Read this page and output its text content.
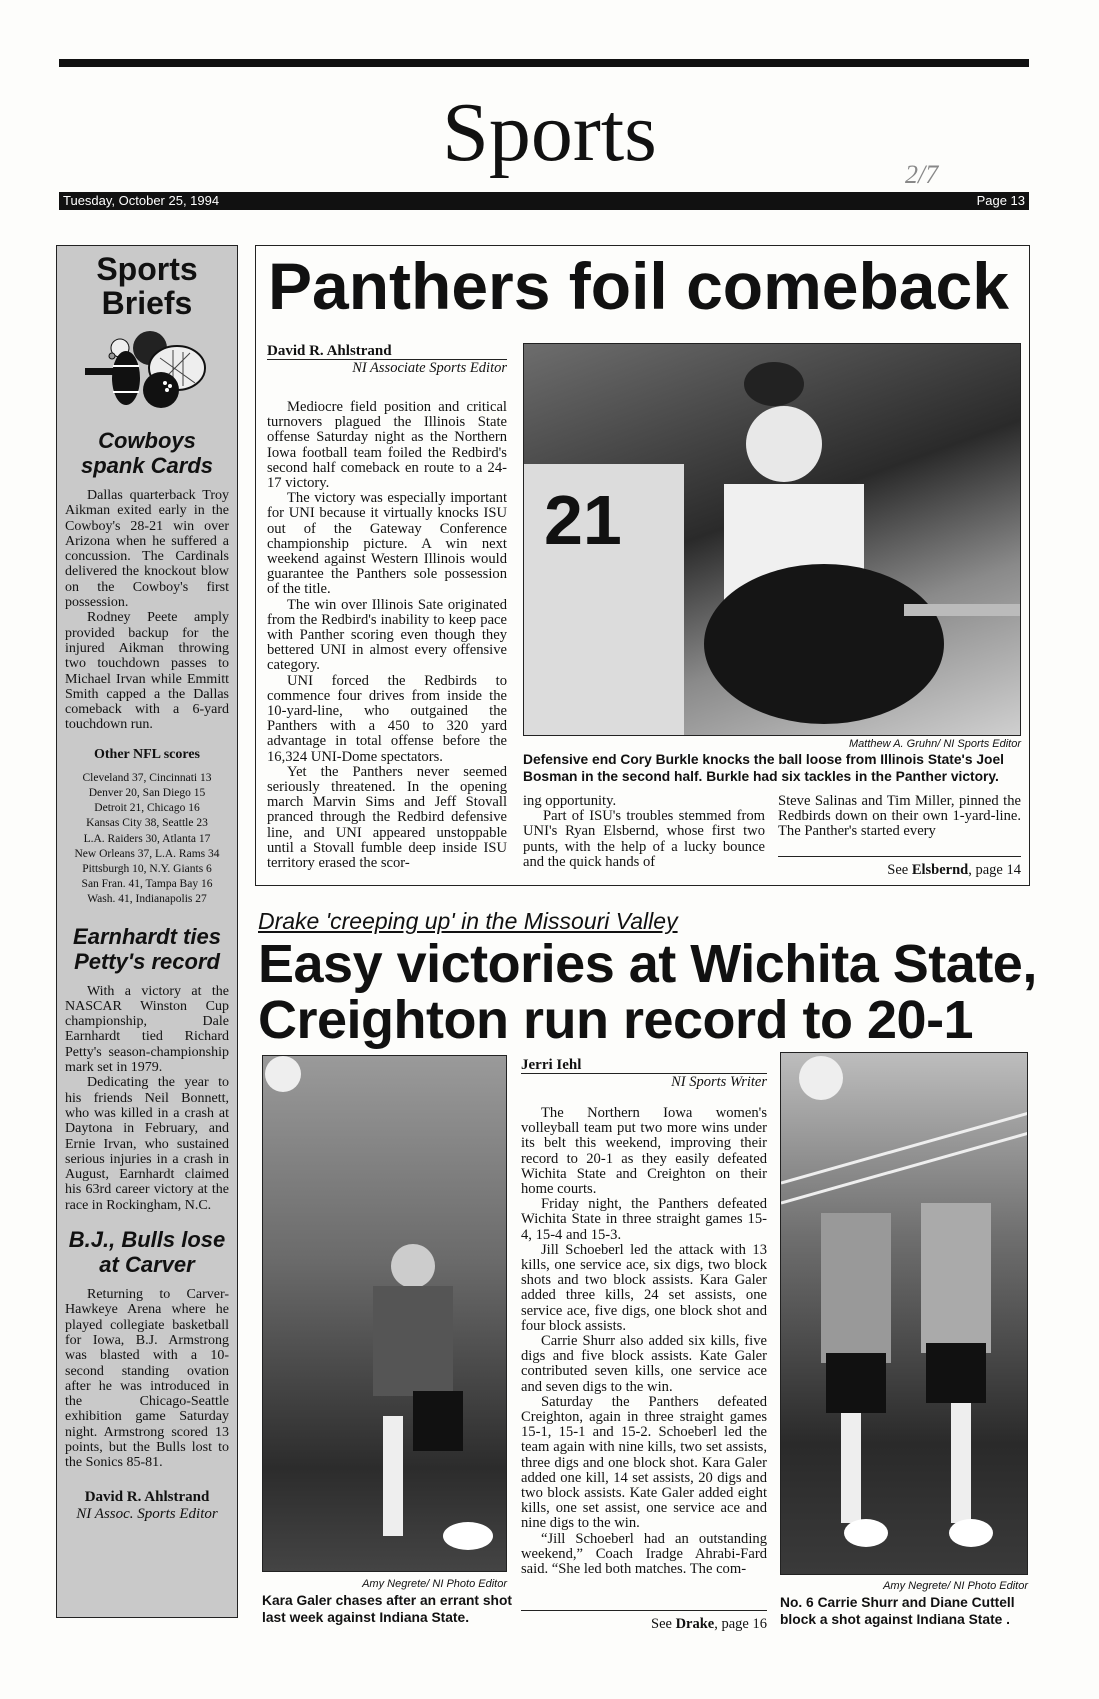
Sports	2/7
Tuesday, October 25, 1994	Page 13
Sports
Briefs
Cowboys spank Cards

Dallas quarterback Troy Aikman exited early in the Cowboy's 28-21 win over Arizona when he suffered a concussion. The Cardinals delivered the knockout blow on the Cowboy's first possession.

Rodney Peete amply provided backup for the injured Aikman throwing two touchdown passes to Michael Irvan while Emmitt Smith capped a the Dallas comeback with a 6-yard touchdown run.

Other NFL scores
Cleveland 37, Cincinnati 13
Denver 20, San Diego 15
Detroit 21, Chicago 16
Kansas City 38, Seattle 23
L.A. Raiders 30, Atlanta 17
New Orleans 37, L.A. Rams 34
Pittsburgh 10, N.Y. Giants 6
San Fran. 41, Tampa Bay 16
Wash. 41, Indianapolis 27
Earnhardt ties Petty's record

With a victory at the NASCAR Winston Cup championship, Dale Earnhardt tied Richard Petty's season-championship mark set in 1979.

Dedicating the year to his friends Neil Bonnett, who was killed in a crash at Daytona in February, and Ernie Irvan, who sustained serious injuries in a crash in August, Earnhardt claimed his 63rd career victory at the race in Rockingham, N.C.

B.J., Bulls lose at Carver

Returning to Carver-Hawkeye Arena where he played collegiate basketball for Iowa, B.J. Armstrong was blasted with a 10-second standing ovation after he was introduced in the Chicago-Seattle exhibition game Saturday night. Armstrong scored 13 points, but the Bulls lost to the Sonics 85-81.

David R. Ahlstrand
NI Assoc. Sports Editor
Panthers foil comeback
David R. Ahlstrand
NI Associate Sports Editor

Mediocre field position and critical turnovers plagued the Illinois State offense Saturday night as the Northern Iowa football team foiled the Redbird's second half comeback en route to a 24-17 victory.

The victory was especially important for UNI because it virtually knocks ISU out of the Gateway Conference championship picture. A win next weekend against Western Illinois would guarantee the Panthers sole possession of the title.

The win over Illinois Sate originated from the Redbird's inability to keep pace with Panther scoring even though they bettered UNI in almost every offensive category.

UNI forced the Redbirds to commence four drives from inside the 10-yard-line, who outgained the Panthers with a 450 to 320 yard advantage in total offense before the 16,324 UNI-Dome spectators.

Yet the Panthers never seemed seriously threatened. In the opening march Marvin Sims and Jeff Stovall pranced through the Redbird defensive line, and UNI appeared unstoppable until a Stovall fumble deep inside ISU territory erased the scor-

21
Matthew A. Gruhn/ NI Sports Editor
Defensive end Cory Burkle knocks the ball loose from Illinois State's Joel Bosman in the second half. Burkle had six tackles in the Panther victory.

ing opportunity.

Part of ISU's troubles stemmed from UNI's Ryan Elsbernd, whose first two punts, with the help of a lucky bounce and the quick hands of

Steve Salinas and Tim Miller, pinned the Redbirds down on their own 1-yard-line. The Panther's started every

See Elsbernd, page 14
Drake 'creeping up' in the Missouri Valley
Easy victories at Wichita State,
Creighton run record to 20-1
Amy Negrete/ NI Photo Editor
Kara Galer chases after an errant shot last week against Indiana State.
Jerri Iehl
NI Sports Writer

The Northern Iowa women's volleyball team put two more wins under its belt this weekend, improving their record to 20-1 as they easily defeated Wichita State and Creighton on their home courts.

Friday night, the Panthers defeated Wichita State in three straight games 15-4, 15-4 and 15-3.

Jill Schoeberl led the attack with 13 kills, one service ace, six digs, two block shots and two block assists. Kara Galer added three kills, 24 set assists, one service ace, five digs, one block shot and four block assists.

Carrie Shurr also added six kills, five digs and five block assists. Kate Galer contributed seven kills, one service ace and seven digs to the win.

Saturday the Panthers defeated Creighton, again in three straight games 15-1, 15-1 and 15-2. Schoeberl led the team again with nine kills, two set assists, three digs and one block shot. Kara Galer added one kill, 14 set assists, 20 digs and two block assists. Kate Galer added eight kills, one set assist, one service ace and nine digs to the win.

“Jill Schoeberl had an outstanding weekend,” Coach Iradge Ahrabi-Fard said. “She led both matches. The com-

See Drake, page 16
Amy Negrete/ NI Photo Editor
No. 6 Carrie Shurr and Diane Cuttell block a shot against Indiana State .
